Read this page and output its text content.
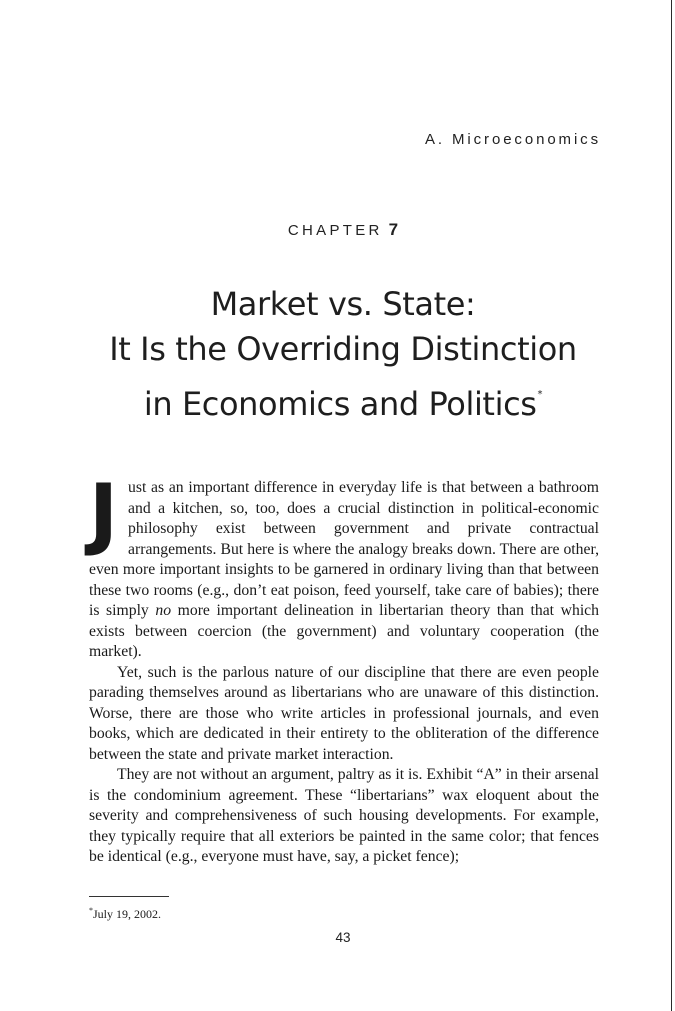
A. Microeconomics
CHAPTER 7
Market vs. State:
It Is the Overriding Distinction
in Economics and Politics*

Just as an important difference in everyday life is that between a bathroom and a kitchen, so, too, does a crucial distinction in political-economic philosophy exist between government and private contractual arrangements. But here is where the analogy breaks down. There are other, even more important insights to be garnered in ordinary living than that between these two rooms (e.g., don’t eat poison, feed yourself, take care of babies); there is simply no more important delineation in libertarian theory than that which exists between coercion (the government) and voluntary cooperation (the market).

Yet, such is the parlous nature of our discipline that there are even people parading themselves around as libertarians who are unaware of this distinction. Worse, there are those who write articles in professional journals, and even books, which are dedicated in their entirety to the obliteration of the difference between the state and private market interaction.

They are not without an argument, paltry as it is. Exhibit “A” in their arsenal is the condominium agreement. These “libertarians” wax eloquent about the severity and comprehensiveness of such housing developments. For example, they typically require that all exteriors be painted in the same color; that fences be identical (e.g., everyone must have, say, a picket fence);

*July 19, 2002.
43
